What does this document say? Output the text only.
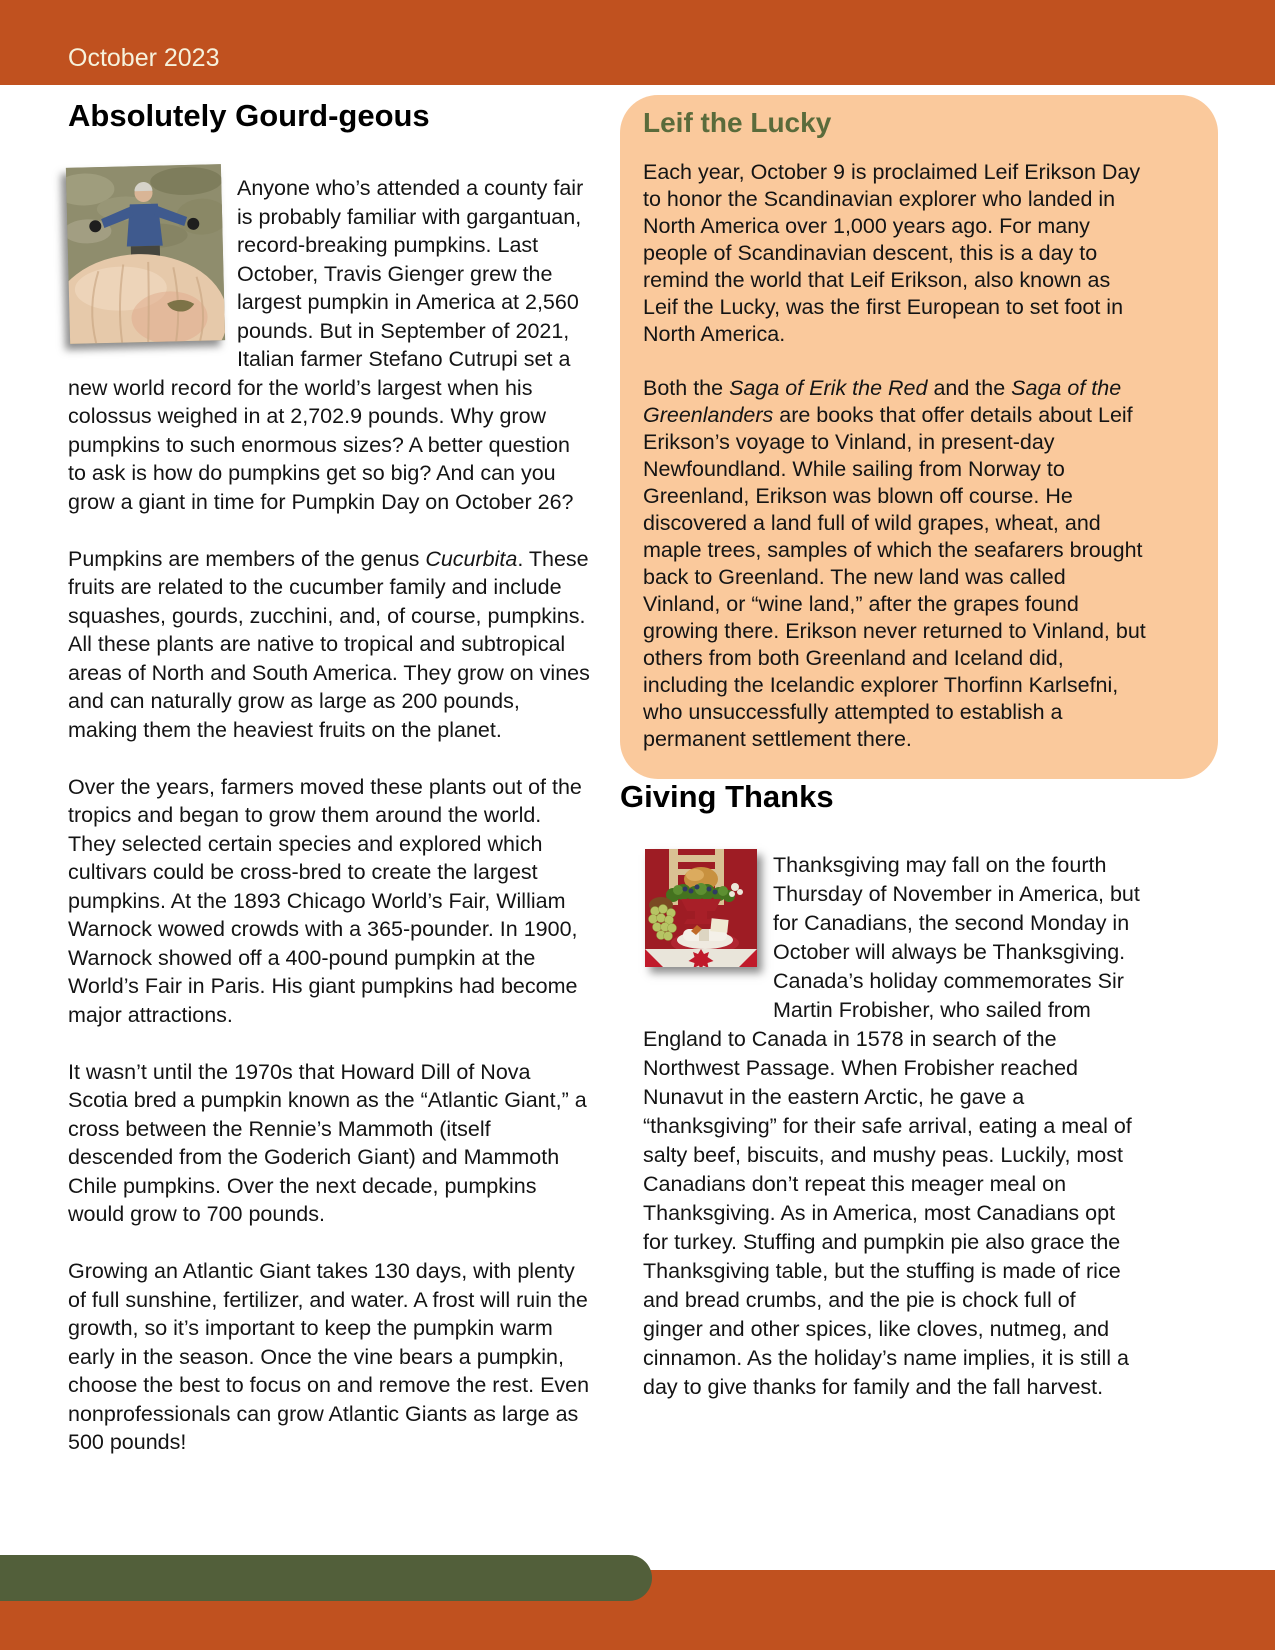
October 2023
Absolutely Gourd-geous

Anyone who’s attended a county fair is probably familiar with gargantuan, record-breaking pumpkins. Last October, Travis Gienger grew the largest pumpkin in America at 2,560 pounds. But in September of 2021, Italian farmer Stefano Cutrupi set a new world record for the world’s largest when his colossus weighed in at 2,702.9 pounds. Why grow pumpkins to such enormous sizes? A better question to ask is how do pumpkins get so big? And can you grow a giant in time for Pumpkin Day on October 26?

Pumpkins are members of the genus Cucurbita. These fruits are related to the cucumber family and include squashes, gourds, zucchini, and, of course, pumpkins. All these plants are native to tropical and subtropical areas of North and South America. They grow on vines and can naturally grow as large as 200 pounds, making them the heaviest fruits on the planet.

Over the years, farmers moved these plants out of the tropics and began to grow them around the world. They selected certain species and explored which cultivars could be cross-bred to create the largest pumpkins. At the 1893 Chicago World’s Fair, William Warnock wowed crowds with a 365-pounder. In 1900, Warnock showed off a 400-pound pumpkin at the World’s Fair in Paris. His giant pumpkins had become major attractions.

It wasn’t until the 1970s that Howard Dill of Nova Scotia bred a pumpkin known as the “Atlantic Giant,” a cross between the Rennie’s Mammoth (itself descended from the Goderich Giant) and Mammoth Chile pumpkins. Over the next decade, pumpkins would grow to 700 pounds.

Growing an Atlantic Giant takes 130 days, with plenty of full sunshine, fertilizer, and water. A frost will ruin the growth, so it’s important to keep the pumpkin warm early in the season. Once the vine bears a pumpkin, choose the best to focus on and remove the rest. Even nonprofessionals can grow Atlantic Giants as large as 500 pounds!

Leif the Lucky

Each year, October 9 is proclaimed Leif Erikson Day to honor the Scandinavian explorer who landed in North America over 1,000 years ago. For many people of Scandinavian descent, this is a day to remind the world that Leif Erikson, also known as Leif the Lucky, was the first European to set foot in North America.

Both the Saga of Erik the Red and the Saga of the Greenlanders are books that offer details about Leif Erikson’s voyage to Vinland, in present-day Newfoundland. While sailing from Norway to Greenland, Erikson was blown off course. He discovered a land full of wild grapes, wheat, and maple trees, samples of which the seafarers brought back to Greenland. The new land was called Vinland, or “wine land,” after the grapes found growing there. Erikson never returned to Vinland, but others from both Greenland and Iceland did, including the Icelandic explorer Thorfinn Karlsefni, who unsuccessfully attempted to establish a permanent settlement there.

Giving Thanks

Thanksgiving may fall on the fourth Thursday of November in America, but for Canadians, the second Monday in October will always be Thanksgiving. Canada’s holiday commemorates Sir Martin Frobisher, who sailed from England to Canada in 1578 in search of the Northwest Passage. When Frobisher reached Nunavut in the eastern Arctic, he gave a “thanksgiving” for their safe arrival, eating a meal of salty beef, biscuits, and mushy peas. Luckily, most Canadians don’t repeat this meager meal on Thanksgiving. As in America, most Canadians opt for turkey. Stuffing and pumpkin pie also grace the Thanksgiving table, but the stuffing is made of rice and bread crumbs, and the pie is chock full of ginger and other spices, like cloves, nutmeg, and cinnamon. As the holiday’s name implies, it is still a day to give thanks for family and the fall harvest.
